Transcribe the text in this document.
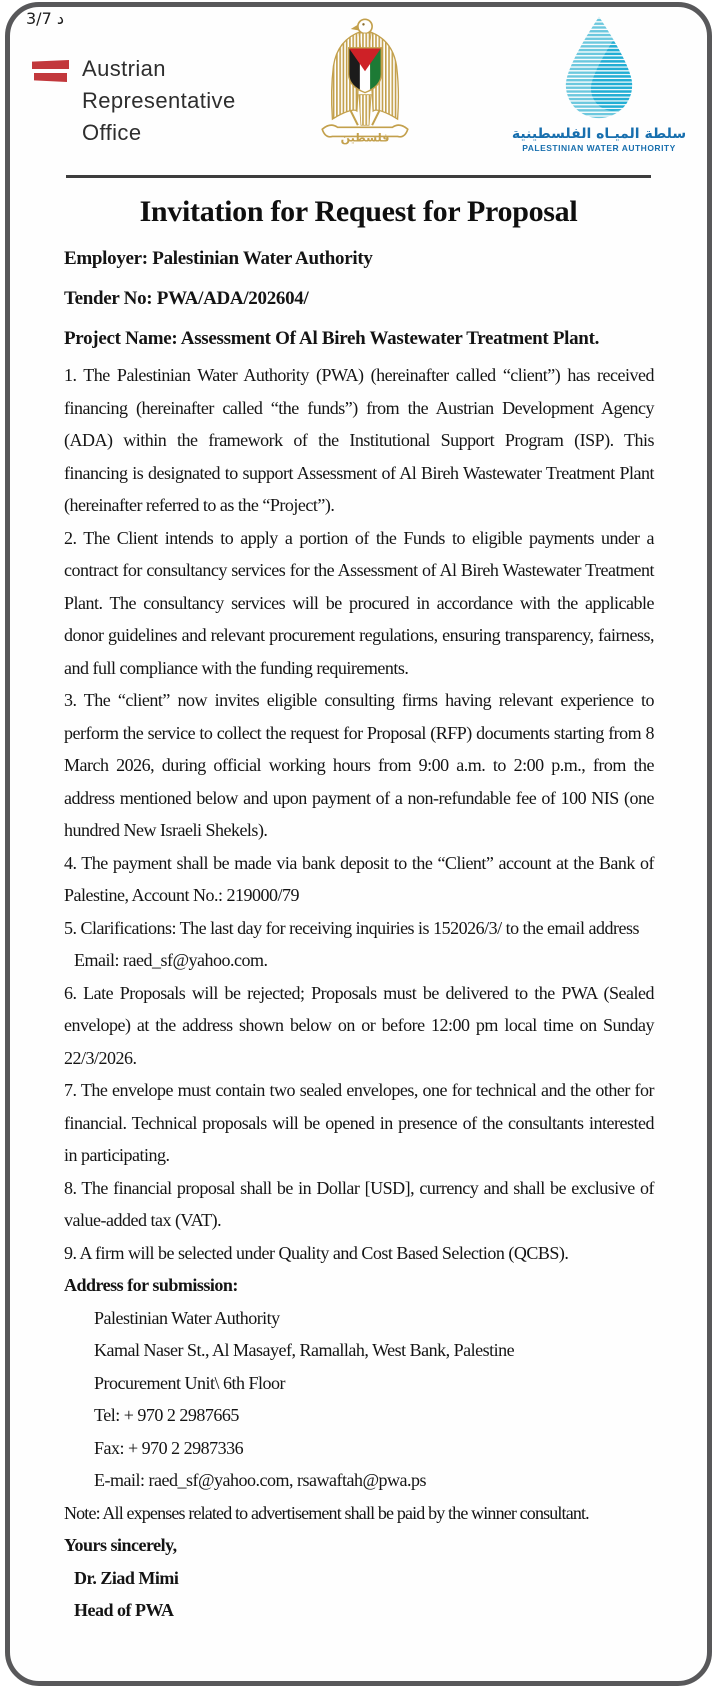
3/7 د
Austrian
Representative
Office	فلسطين	سلطة الميـاه الفلسطينية
PALESTINIAN WATER AUTHORITY
Invitation for Request for Proposal

Employer: Palestinian Water Authority

Tender No: PWA/ADA/202604/

Project Name: Assessment Of Al Bireh Wastewater Treatment Plant.

1. The Palestinian Water Authority (PWA) (hereinafter called “client”) has received financing (hereinafter called “the funds”) from the Austrian Development Agency (ADA) within the framework of the Institutional Support Program (ISP). This financing is designated to support Assessment of Al Bireh Wastewater Treatment Plant (hereinafter referred to as the “Project”).

2. The Client intends to apply a portion of the Funds to eligible payments under a contract for consultancy services for the Assessment of Al Bireh Wastewater Treatment Plant. The consultancy services will be procured in accordance with the applicable donor guidelines and relevant procurement regulations, ensuring transparency, fairness, and full compliance with the funding requirements.

3. The “client” now invites eligible consulting firms having relevant experience to perform the service to collect the request for Proposal (RFP) documents starting from 8 March 2026, during official working hours from 9:00 a.m. to 2:00 p.m., from the address mentioned below and upon payment of a non-refundable fee of 100 NIS (one hundred New Israeli Shekels).

4. The payment shall be made via bank deposit to the “Client” account at the Bank of Palestine, Account No.: 219000/79

5. Clarifications: The last day for receiving inquiries is 152026/3/ to the email address

Email: raed_sf@yahoo.com.

6. Late Proposals will be rejected; Proposals must be delivered to the PWA (Sealed envelope) at the address shown below on or before 12:00 pm local time on Sunday 22/3/2026.

7. The envelope must contain two sealed envelopes, one for technical and the other for financial. Technical proposals will be opened in presence of the consultants interested in participating.

8. The financial proposal shall be in Dollar [USD], currency and shall be exclusive of value-added tax (VAT).

9. A firm will be selected under Quality and Cost Based Selection (QCBS).

Address for submission:

Palestinian Water Authority

Kamal Naser St., Al Masayef, Ramallah, West Bank, Palestine

Procurement Unit\ 6th Floor

Tel: + 970 2 2987665

Fax: + 970 2 2987336

E-mail: raed_sf@yahoo.com, rsawaftah@pwa.ps

Note: All expenses related to advertisement shall be paid by the winner consultant.

Yours sincerely,

Dr. Ziad Mimi

Head of PWA
